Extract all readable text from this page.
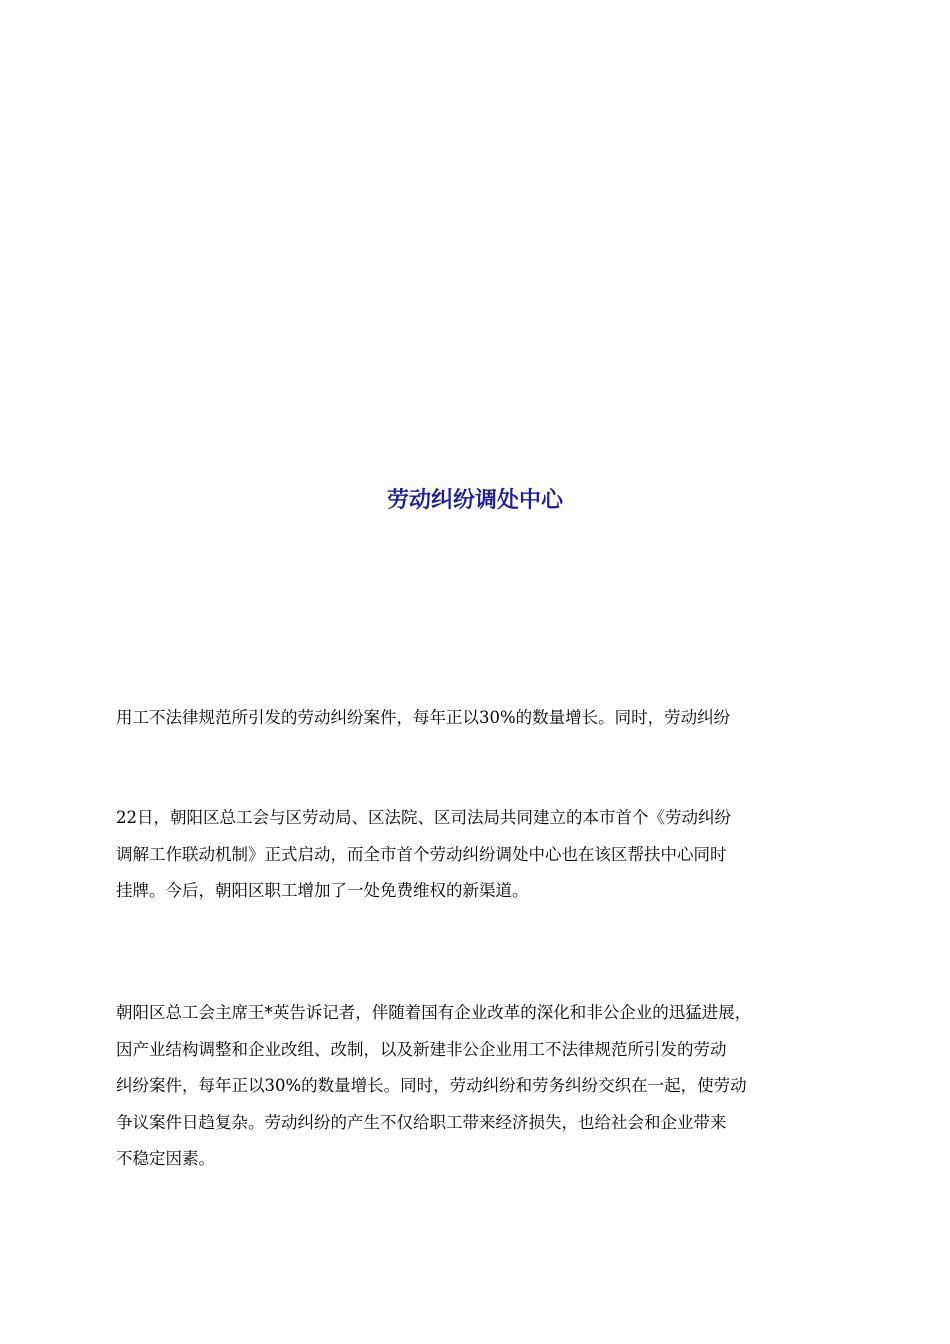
劳动纠纷调处中心

用工不法律规范所引发的劳动纠纷案件，每年正以30%的数量增长。同时，劳动纠纷

22日，朝阳区总工会与区劳动局、区法院、区司法局共同建立的本市首个《劳动纠纷
调解工作联动机制》正式启动，而全市首个劳动纠纷调处中心也在该区帮扶中心同时
挂牌。今后，朝阳区职工增加了一处免费维权的新渠道。

朝阳区总工会主席王*英告诉记者，伴随着国有企业改革的深化和非公企业的迅猛进展，
因产业结构调整和企业改组、改制，以及新建非公企业用工不法律规范所引发的劳动
纠纷案件，每年正以30%的数量增长。同时，劳动纠纷和劳务纠纷交织在一起，使劳动
争议案件日趋复杂。劳动纠纷的产生不仅给职工带来经济损失，也给社会和企业带来
不稳定因素。
